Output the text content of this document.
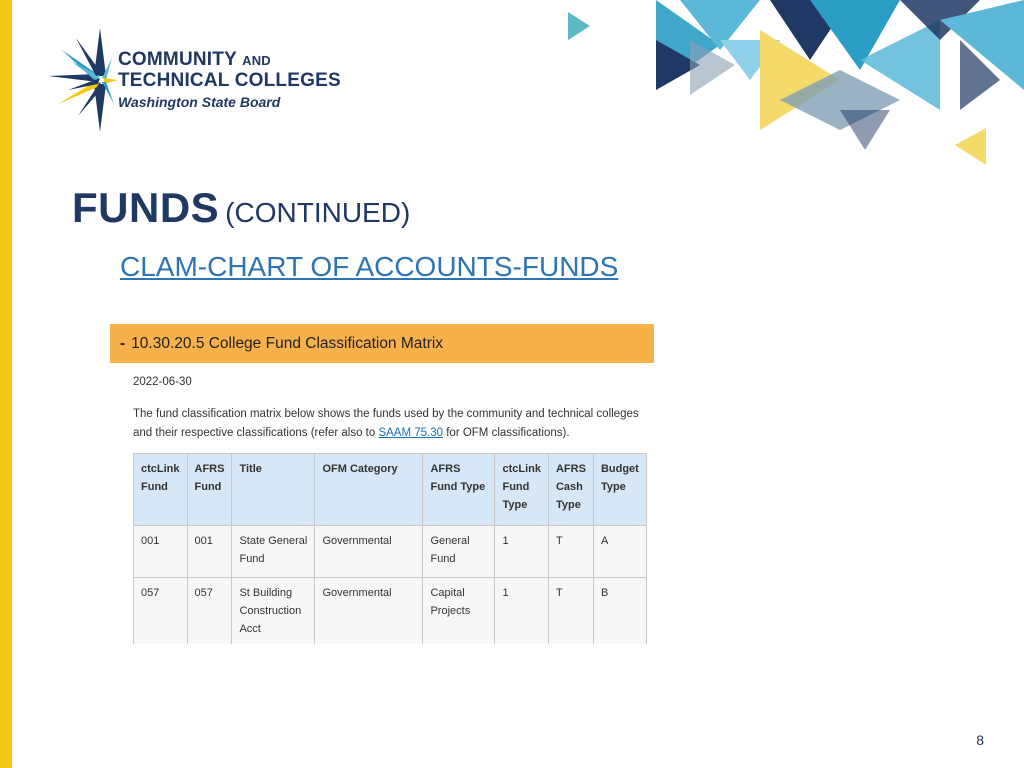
COMMUNITY AND
TECHNICAL COLLEGES
Washington State Board
FUNDS (CONTINUED)
CLAM-CHART OF ACCOUNTS-FUNDS
- 10.30.20.5 College Fund Classification Matrix
2022-06-30
The fund classification matrix below shows the funds used by the community and technical colleges and their respective classifications (refer also to SAAM 75.30 for OFM classifications).
ctcLink Fund	AFRS Fund	Title	OFM Category	AFRS Fund Type	ctcLink Fund Type	AFRS Cash Type	Budget Type
001	001	State General Fund	Governmental	General Fund	1	T	A
057	057	St Building Construction Acct	Governmental	Capital Projects	1	T	B
8
